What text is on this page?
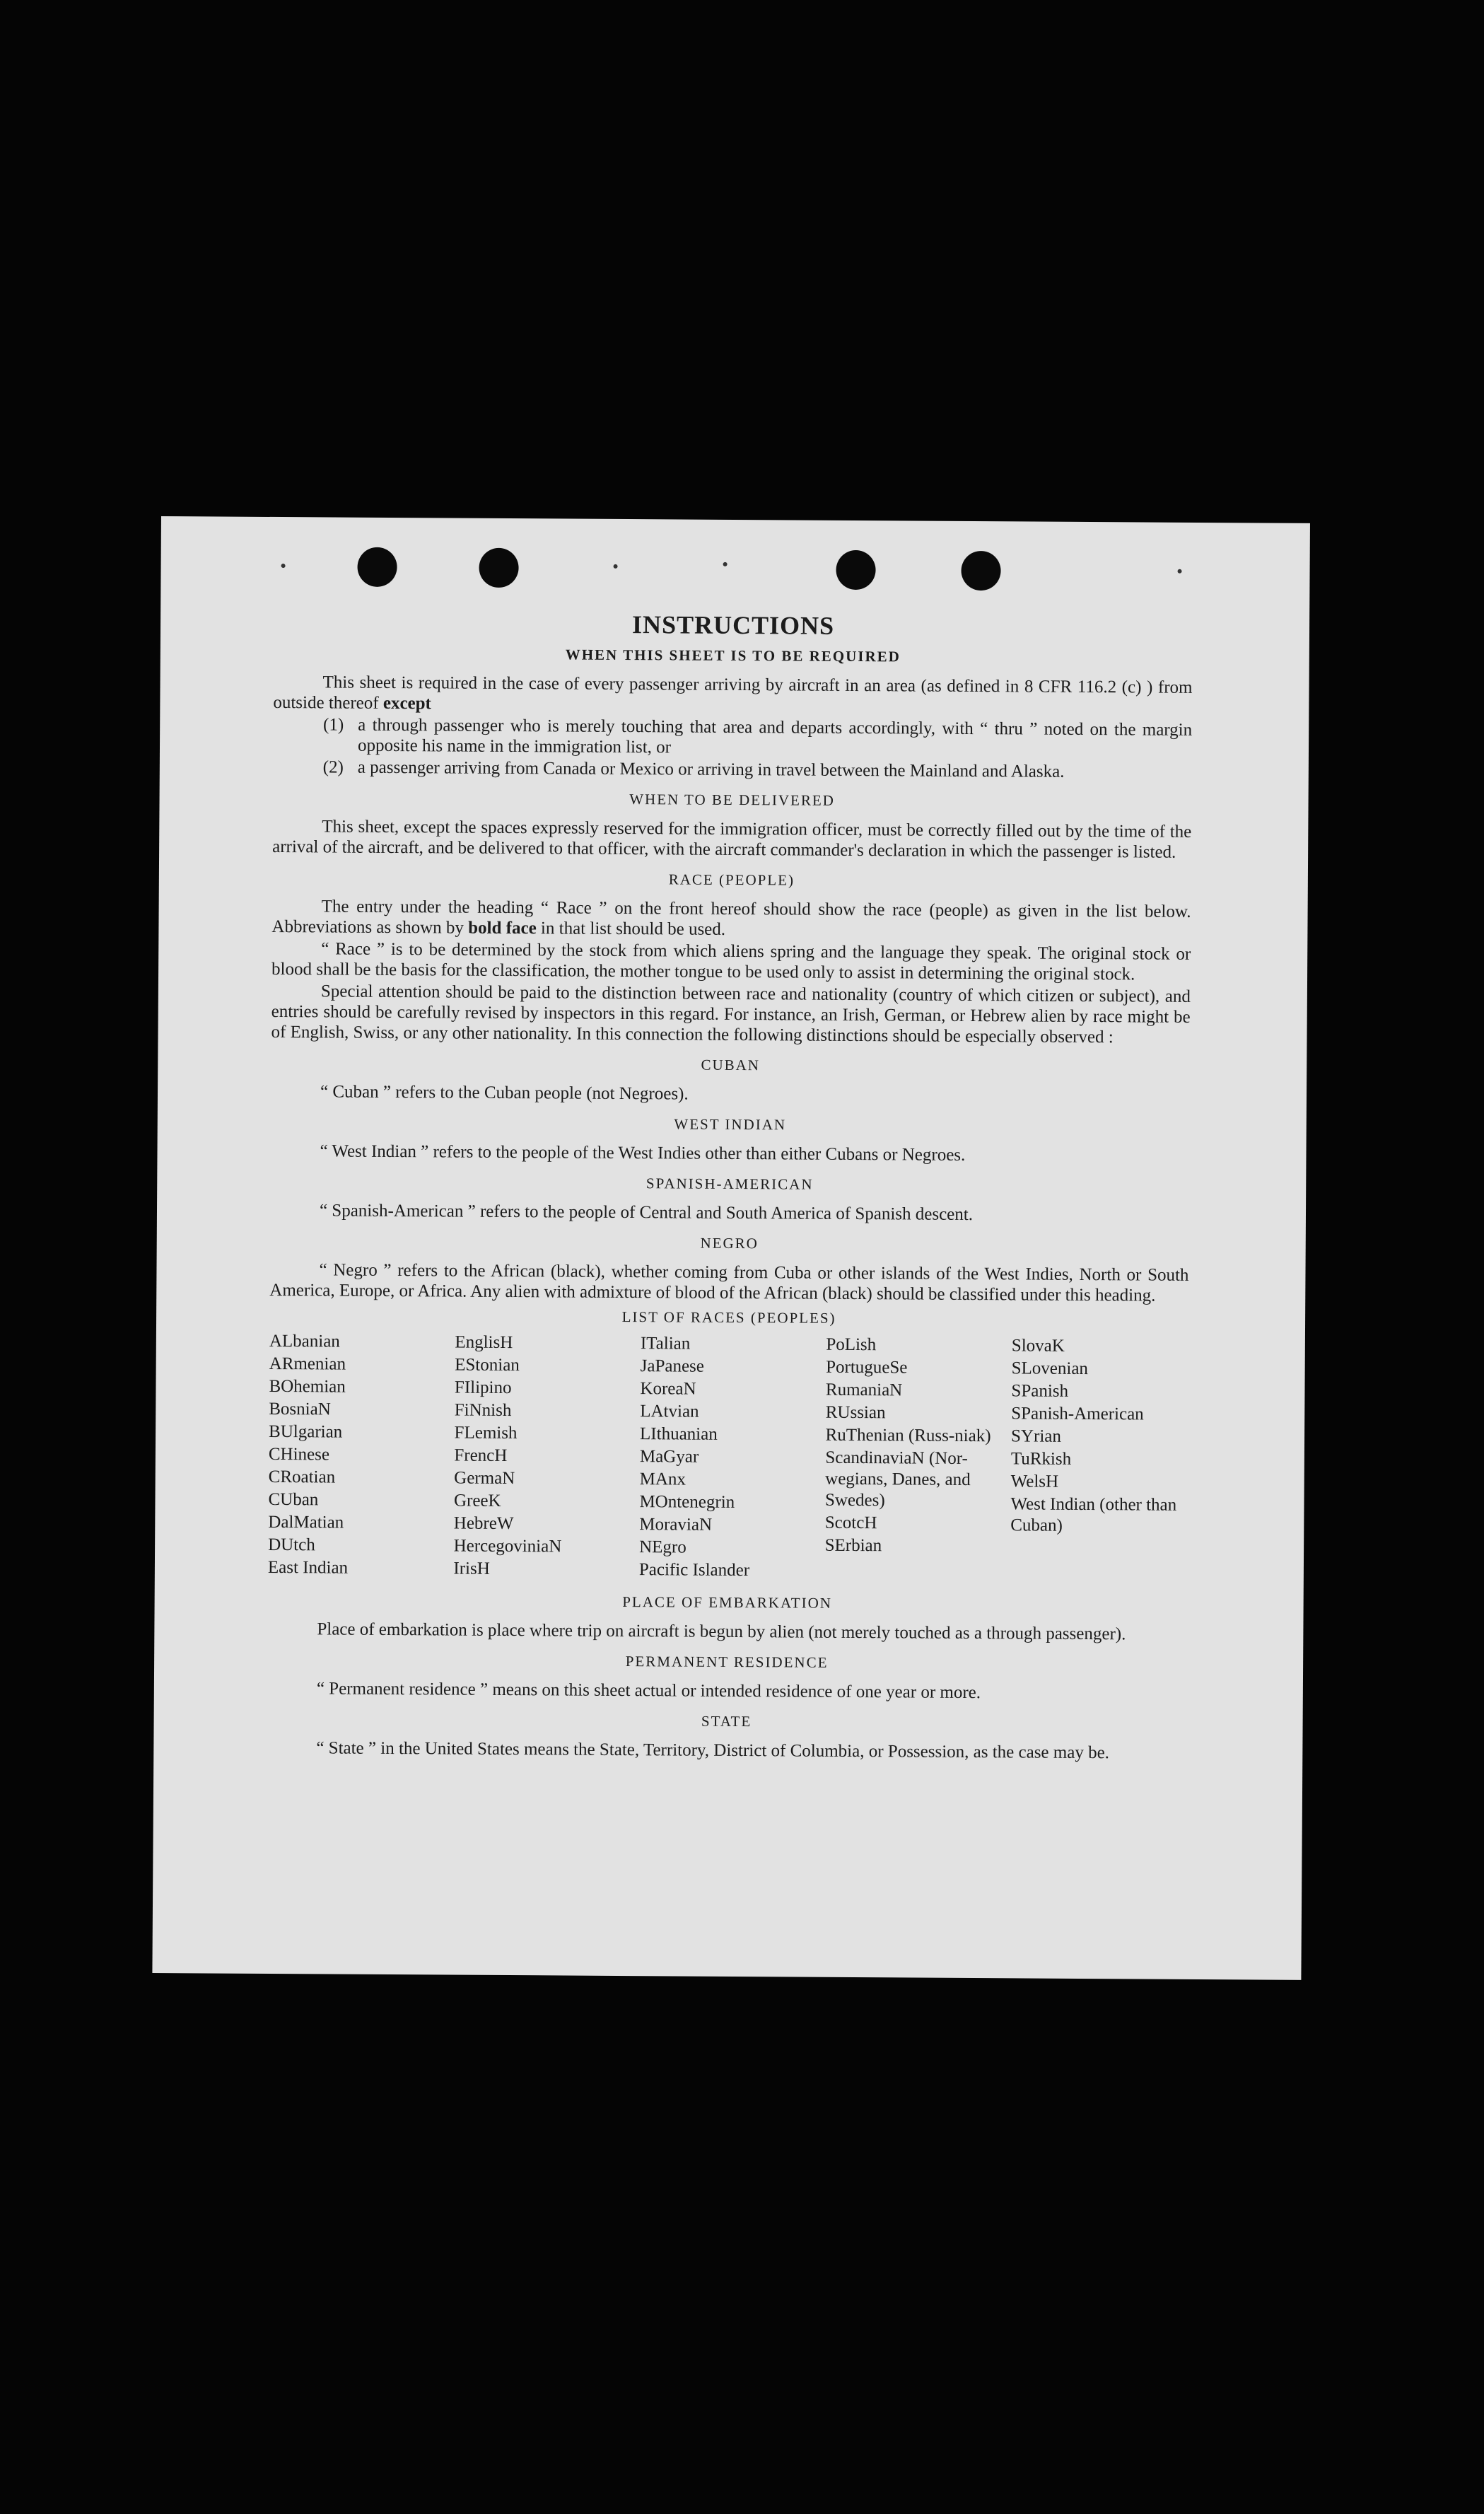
INSTRUCTIONS
WHEN THIS SHEET IS TO BE REQUIRED

This sheet is required in the case of every passenger arriving by aircraft in an area (as defined in 8 CFR 116.2 (c) ) from outside thereof except

(1) a through passenger who is merely touching that area and departs accordingly, with “ thru ” noted on the margin opposite his name in the immigration list, or
(2) a passenger arriving from Canada or Mexico or arriving in travel between the Mainland and Alaska.
WHEN TO BE DELIVERED

This sheet, except the spaces expressly reserved for the immigration officer, must be correctly filled out by the time of the arrival of the aircraft, and be delivered to that officer, with the aircraft commander's declaration in which the passenger is listed.

RACE (PEOPLE)

The entry under the heading “ Race ” on the front hereof should show the race (people) as given in the list below. Abbreviations as shown by bold face in that list should be used.

“ Race ” is to be determined by the stock from which aliens spring and the language they speak. The original stock or blood shall be the basis for the classification, the mother tongue to be used only to assist in determining the original stock.

Special attention should be paid to the distinction between race and nationality (country of which citizen or subject), and entries should be carefully revised by inspectors in this regard. For instance, an Irish, German, or Hebrew alien by race might be of English, Swiss, or any other nationality. In this connection the following distinctions should be especially observed :

CUBAN

“ Cuban ” refers to the Cuban people (not Negroes).

WEST INDIAN

“ West Indian ” refers to the people of the West Indies other than either Cubans or Negroes.

SPANISH-AMERICAN

“ Spanish-American ” refers to the people of Central and South America of Spanish descent.

NEGRO

“ Negro ” refers to the African (black), whether coming from Cuba or other islands of the West Indies, North or South America, Europe, or Africa. Any alien with admixture of blood of the African (black) should be classified under this heading.

LIST OF RACES (PEOPLES)
ALbanian
ARmenian
BOhemian
BosniaN
BUlgarian
CHinese
CRoatian
CUban
DalMatian
DUtch
East Indian
EnglisH
EStonian
FIlipino
FiNnish
FLemish
FrencH
GermaN
GreeK
HebreW
HercegoviniaN
IrisH
ITalian
JaPanese
KoreaN
LAtvian
LIthuanian
MaGyar
MAnx
MOntenegrin
MoraviaN
NEgro
Pacific Islander
PoLish
PortugueSe
RumaniaN
RUssian
RuThenian (Russ-niak)
ScandinaviaN (Nor-wegians, Danes, and Swedes)
ScotcH
SErbian
SlovaK
SLovenian
SPanish
SPanish-American
SYrian
TuRkish
WelsH
West Indian (other than Cuban)
PLACE OF EMBARKATION

Place of embarkation is place where trip on aircraft is begun by alien (not merely touched as a through passenger).

PERMANENT RESIDENCE

“ Permanent residence ” means on this sheet actual or intended residence of one year or more.

STATE

“ State ” in the United States means the State, Territory, District of Columbia, or Possession, as the case may be.
